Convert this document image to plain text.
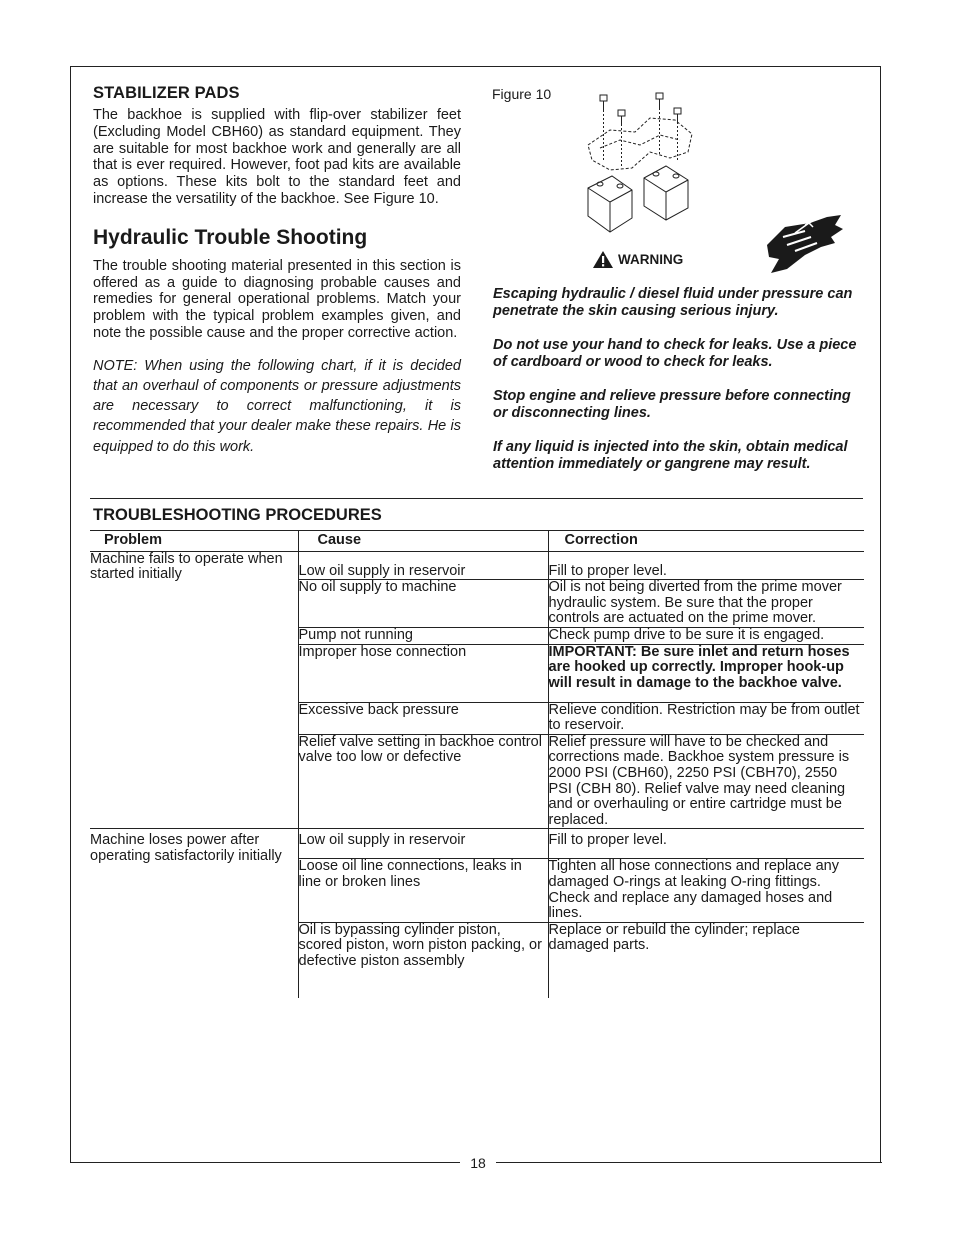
18
STABILIZER PADS

The backhoe is supplied with flip-over stabilizer feet (Excluding Model CBH60) as standard equipment. They are suitable for most backhoe work and generally are all that is ever required. However, foot pad kits are available as options. These kits bolt to the standard feet and increase the versatility of the backhoe. See Figure 10.

Hydraulic Trouble Shooting

The trouble shooting material presented in this section is offered as a guide to diagnosing probable causes and remedies for general operational problems. Match your problem with the typical problem examples given, and note the possible cause and the proper corrective action.

NOTE: When using the following chart, if it is decided that an overhaul of components or pressure adjustments are necessary to correct malfunctioning, it is recommended that your dealer make these repairs. He is equipped to do this work.

Figure 10
WARNING

Escaping hydraulic / diesel fluid under pressure can penetrate the skin causing serious injury.

Do not use your hand to check for leaks. Use a piece of cardboard or wood to check for leaks.

Stop engine and relieve pressure before connecting or disconnecting lines.

If any liquid is injected into the skin, obtain medical attention immediately or gangrene may result.

TROUBLESHOOTING PROCEDURES
Problem	Cause	Correction
Machine fails to operate when started initially	Low oil supply in reservoir	Fill to proper level.
	No oil supply to machine	Oil is not being diverted from the prime mover hydraulic system. Be sure that the proper controls are actuated on the prime mover.
	Pump not running	Check pump drive to be sure it is engaged.
	Improper hose connection	IMPORTANT: Be sure inlet and return hoses are hooked up correctly. Improper hook-up will result in damage to the backhoe valve.
	Excessive back pressure	Relieve condition. Restriction may be from outlet to reservoir.
	Relief valve setting in backhoe control valve too low or defective	Relief pressure will have to be checked and corrections made. Backhoe system pressure is 2000 PSI (CBH60), 2250 PSI (CBH70), 2550 PSI (CBH 80). Relief valve may need cleaning and or overhauling or entire cartridge must be replaced.
Machine loses power after operating satisfactorily initially	Low oil supply in reservoir	Fill to proper level.
	Loose oil line connections, leaks in line or broken lines	Tighten all hose connections and replace any damaged O-rings at leaking O-ring fittings. Check and replace any damaged hoses and lines.
	Oil is bypassing cylinder piston, scored piston, worn piston packing, or defective piston assembly	Replace or rebuild the cylinder; replace damaged parts.
